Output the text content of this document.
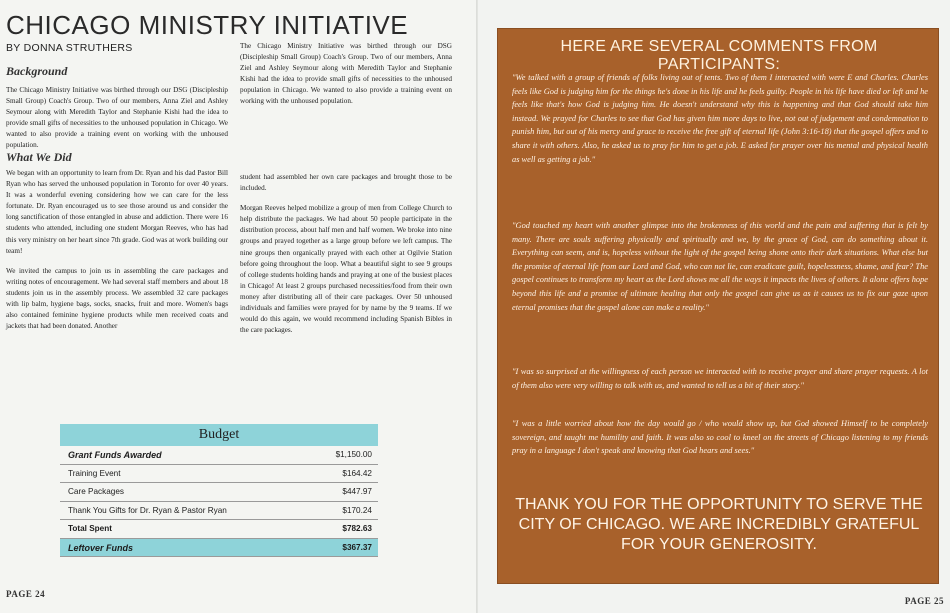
CHICAGO MINISTRY INITIATIVE
BY DONNA STRUTHERS
Background

The Chicago Ministry Initiative was birthed through our DSG (Discipleship Small Group) Coach's Group. Two of our members, Anna Ziel and Ashley Seymour along with Meredith Taylor and Stephanie Kishi had the idea to provide small gifts of necessities to the unhoused population in Chicago. We wanted to also provide a training event on working with the unhoused population.

What We Did

We began with an opportunity to learn from Dr. Ryan and his dad Pastor Bill Ryan who has served the unhoused population in Toronto for over 40 years. It was a wonderful evening considering how we can care for the less fortunate. Dr. Ryan encouraged us to see those around us and consider the long sanctification of those entangled in abuse and addiction. There were 16 students who attended, including one student Morgan Reeves, who has had this very ministry on her heart since 7th grade. God was at work building our team!

We invited the campus to join us in assembling the care packages and writing notes of encouragement. We had several staff members and about 18 students join us in the assembly process. We assembled 32 care packages with lip balm, hygiene bags, socks, snacks, fruit and more. Women's bags also contained feminine hygiene products while men received coats and jackets that had been donated. Another

The Chicago Ministry Initiative was birthed through our DSG (Discipleship Small Group) Coach's Group. Two of our members, Anna Ziel and Ashley Seymour along with Meredith Taylor and Stephanie Kishi had the idea to provide small gifts of necessities to the unhoused population in Chicago. We wanted to also provide a training event on working with the unhoused population.

student had assembled her own care packages and brought those to be included.

Morgan Reeves helped mobilize a group of men from College Church to help distribute the packages. We had about 50 people participate in the distribution process, about half men and half women. We broke into nine groups and prayed together as a large group before we left campus. The nine groups then organically prayed with each other at Ogilvie Station before going throughout the loop. What a beautiful sight to see 9 groups of college students holding hands and praying at one of the busiest places in Chicago! At least 2 groups purchased necessities/food from their own money after distributing all of their care packages. Over 50 unhoused individuals and families were prayed for by name by the 9 teams. If we would do this again, we would recommend including Spanish Bibles in the care packages.

Budget
Grant Funds Awarded	$1,150.00
Training Event	$164.42
Care Packages	$447.97
Thank You Gifts for Dr. Ryan & Pastor Ryan	$170.24
Total Spent	$782.63
Leftover Funds	$367.37
PAGE 24
HERE ARE SEVERAL COMMENTS FROM PARTICIPANTS:
"We talked with a group of friends of folks living out of tents. Two of them I interacted with were E and Charles. Charles feels like God is judging him for the things he's done in his life and he feels guilty. People in his life have died or left and he feels like that's how God is judging him. He doesn't understand why this is happening and that God should take him instead. We prayed for Charles to see that God has given him more days to live, not out of judgement and condemnation to punish him, but out of his mercy and grace to receive the free gift of eternal life (John 3:16-18) that the gospel offers and to share it with others. Also, he asked us to pray for him to get a job. E asked for prayer over his mental and physical health as well as getting a job."
"God touched my heart with another glimpse into the brokenness of this world and the pain and suffering that is felt by many. There are souls suffering physically and spiritually and we, by the grace of God, can do something about it. Everything can seem, and is, hopeless without the light of the gospel being shone onto their dark situations. What else but the promise of eternal life from our Lord and God, who can not lie, can eradicate guilt, hopelessness, shame, and fear? The gospel continues to transform my heart as the Lord shows me all the ways it impacts the lives of others. It alone offers hope beyond this life and a promise of ultimate healing that only the gospel can give us as it causes us to fix our gaze upon eternal promises that the gospel alone can make a reality."
"I was so surprised at the willingness of each person we interacted with to receive prayer and share prayer requests. A lot of them also were very willing to talk with us, and wanted to tell us a bit of their story."
"I was a little worried about how the day would go / who would show up, but God showed Himself to be completely sovereign, and taught me humility and faith. It was also so cool to kneel on the streets of Chicago listening to my friends pray in a language I don't speak and knowing that God hears and sees."
THANK YOU FOR THE OPPORTUNITY TO SERVE THE CITY OF CHICAGO. WE ARE INCREDIBLY GRATEFUL FOR YOUR GENEROSITY.
PAGE 25
